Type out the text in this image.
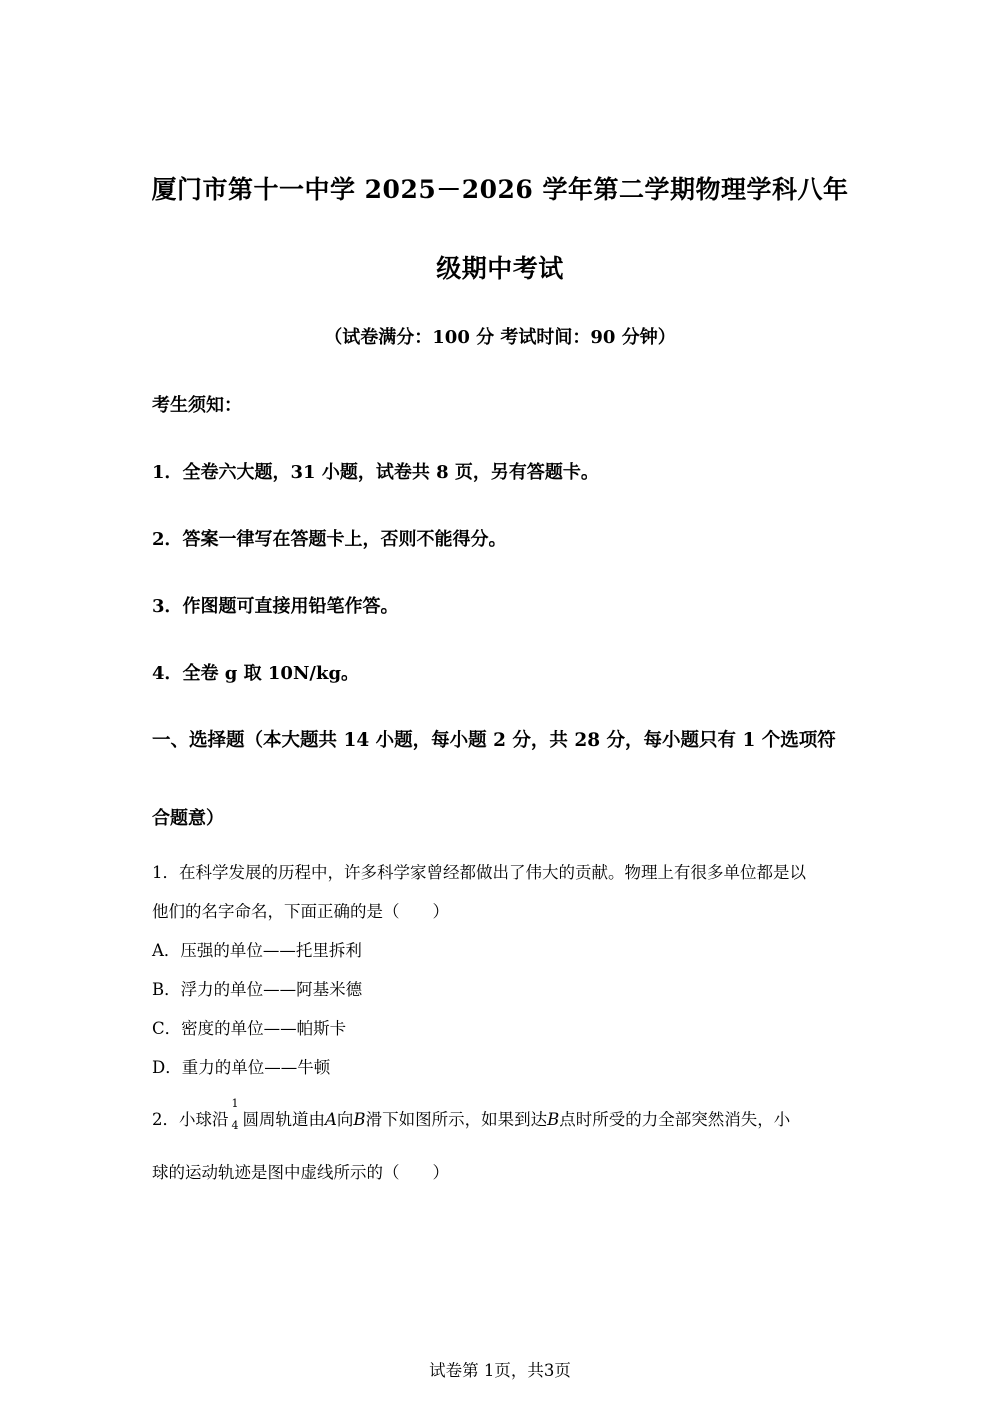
厦门市第十一中学 2025－2026 学年第二学期物理学科八年
级期中考试
（试卷满分：100 分 考试时间：90 分钟）
考生须知：
1．全卷六大题，31 小题，试卷共 8 页，另有答题卡。
2．答案一律写在答题卡上，否则不能得分。
3．作图题可直接用铅笔作答。
4．全卷 g 取 10N/kg。
一、选择题（本大题共 14 小题，每小题 2 分，共 28 分，每小题只有 1 个选项符
合题意）
1．在科学发展的历程中，许多科学家曾经都做出了伟大的贡献。物理上有很多单位都是以
他们的名字命名，下面正确的是（　　）
A．压强的单位——托里拆利
B．浮力的单位——阿基米德
C．密度的单位——帕斯卡
D．重力的单位——牛顿
2．小球沿
1
4 圆周轨道由A向B滑下如图所示，如果到达B点时所受的力全部突然消失，小
球的运动轨迹是图中虚线所示的（　　）
试卷第 1页，共3页
